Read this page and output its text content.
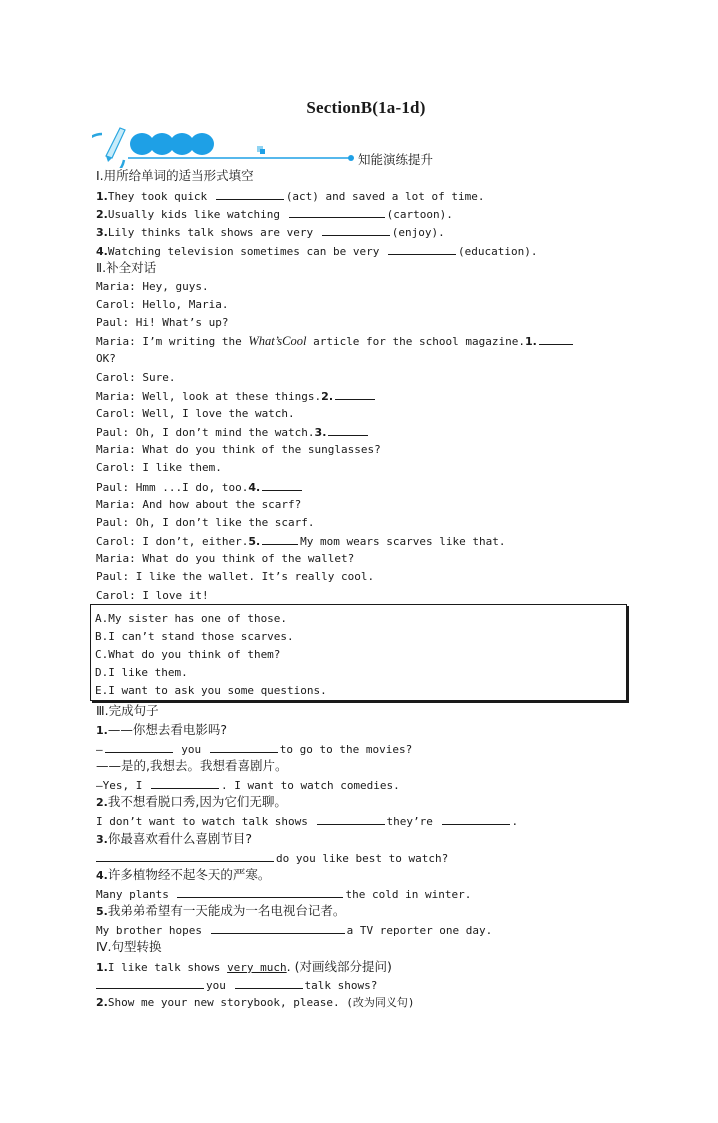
SectionB(1a-1d)
知能演练提升
Ⅰ.用所给单词的适当形式填空
1.They took quick	(act) and saved a lot of time.
2.Usually kids like watching	(cartoon).
3.Lily thinks talk shows are very	(enjoy).
4.Watching television sometimes can be very	(education).
Ⅱ.补全对话
Maria: Hey, guys.
Carol: Hello, Maria.
Paul: Hi! What’s up?
Maria: I’m writing the What’sCool article for the school magazine.1.
OK?
Carol: Sure.
Maria: Well, look at these things.2.
Carol: Well, I love the watch.
Paul: Oh, I don’t mind the watch.3.
Maria: What do you think of the sunglasses?
Carol: I like them.
Paul: Hmm ...I do, too.4.
Maria: And how about the scarf?
Paul: Oh, I don’t like the scarf.
Carol: I don’t, either.5.	My mom wears scarves like that.
Maria: What do you think of the wallet?
Paul: I like the wallet. It’s really cool.
Carol: I love it!
A.My sister has one of those.
B.I can’t stand those scarves.
C.What do you think of them?
D.I like them.
E.I want to ask you some questions.
Ⅲ.完成句子
1.——你想去看电影吗?
—	you	to go to the movies?
——是的,我想去。我想看喜剧片。
—Yes, I	. I want to watch comedies.
2.我不想看脱口秀,因为它们无聊。
I don’t want to watch talk shows	they’re	.
3.你最喜欢看什么喜剧节目?
do you like best to watch?
4.许多植物经不起冬天的严寒。
Many plants	the cold in winter.
5.我弟弟希望有一天能成为一名电视台记者。
My brother hopes	a TV reporter one day.
Ⅳ.句型转换
1.I like talk shows very much. (对画线部分提问)
you	talk shows?
2.Show me your new storybook, please. (改为同义句)
